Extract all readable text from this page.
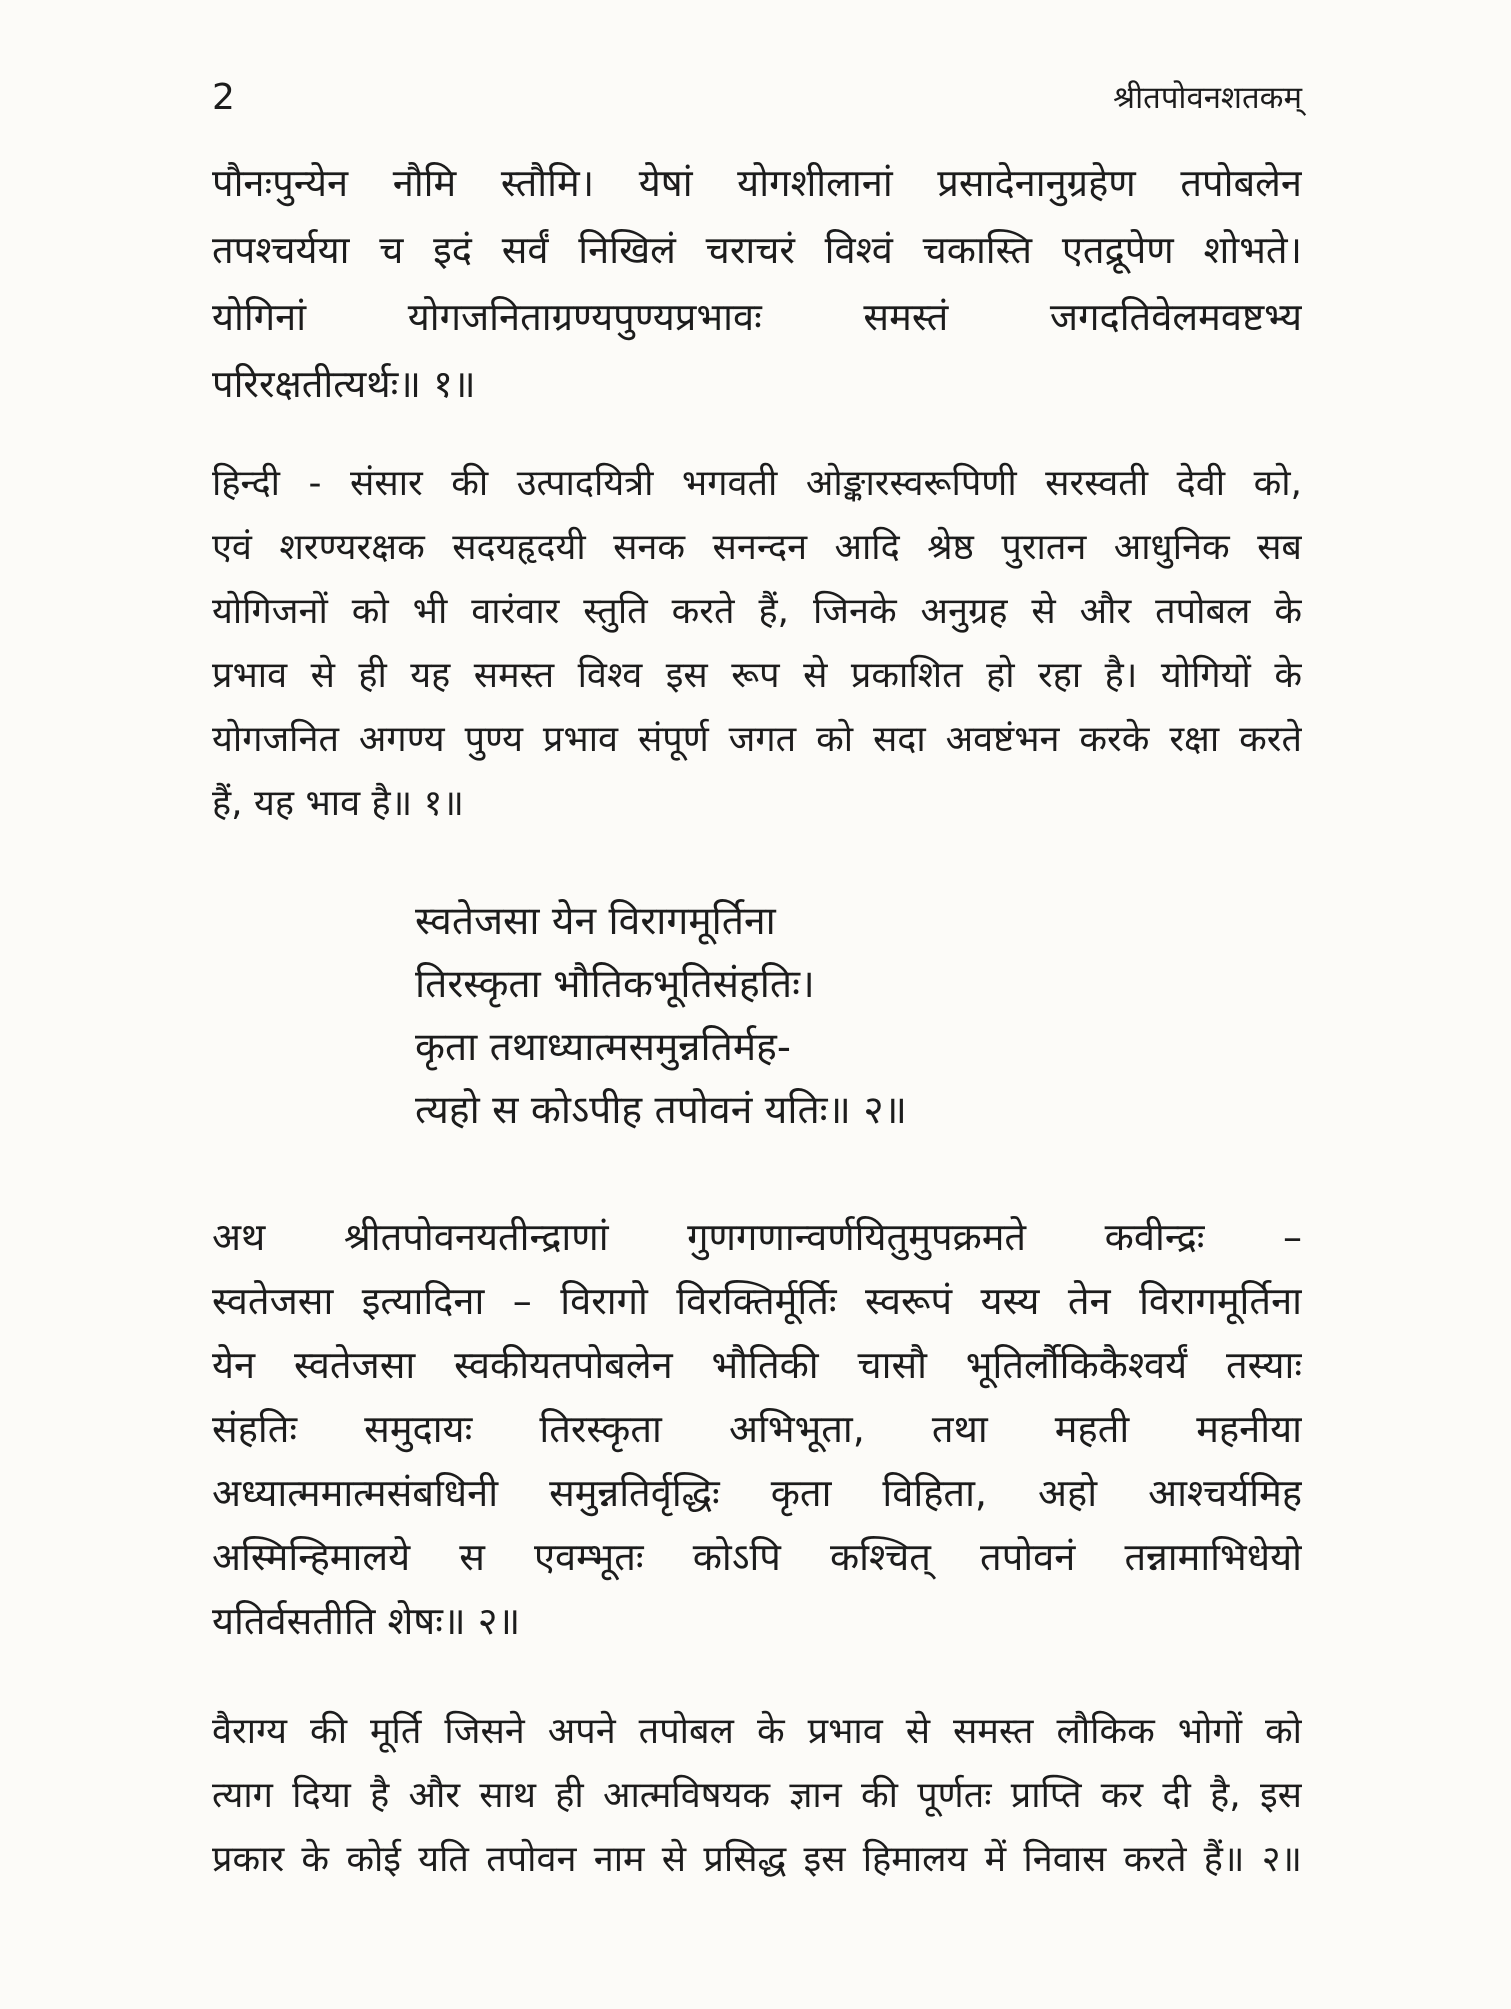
2	श्रीतपोवनशतकम्
पौनःपुन्येन नौमि स्तौमि। येषां योगशीलानां प्रसादेनानुग्रहेण तपोबलेन
तपश्चर्यया च इदं सर्वं निखिलं चराचरं विश्वं चकास्ति एतद्रूपेण शोभते।
योगिनां योगजनिताग्रण्यपुण्यप्रभावः समस्तं जगदतिवेलमवष्टभ्य
परिरक्षतीत्यर्थः॥ १॥
हिन्दी - संसार की उत्पादयित्री भगवती ओङ्कारस्वरूपिणी सरस्वती देवी को,
एवं शरण्यरक्षक सदयहृदयी सनक सनन्दन आदि श्रेष्ठ पुरातन आधुनिक सब
योगिजनों को भी वारंवार स्तुति करते हैं, जिनके अनुग्रह से और तपोबल के
प्रभाव से ही यह समस्त विश्व इस रूप से प्रकाशित हो रहा है। योगियों के
योगजनित अगण्य पुण्य प्रभाव संपूर्ण जगत को सदा अवष्टंभन करके रक्षा करते
हैं, यह भाव है॥ १॥
स्वतेजसा येन विरागमूर्तिना
तिरस्कृता भौतिकभूतिसंहतिः।
कृता तथाध्यात्मसमुन्नतिर्मह-
त्यहो स कोऽपीह तपोवनं यतिः॥ २॥
अथ श्रीतपोवनयतीन्द्राणां गुणगणान्वर्णयितुमुपक्रमते कवीन्द्रः –
स्वतेजसा इत्यादिना – विरागो विरक्तिर्मूर्तिः स्वरूपं यस्य तेन विरागमूर्तिना
येन स्वतेजसा स्वकीयतपोबलेन भौतिकी चासौ भूतिर्लौकिकैश्वर्यं तस्याः
संहतिः समुदायः तिरस्कृता अभिभूता, तथा महती महनीया
अध्यात्ममात्मसंबधिनी समुन्नतिर्वृद्धिः कृता विहिता, अहो आश्चर्यमिह
अस्मिन्हिमालये स एवम्भूतः कोऽपि कश्चित् तपोवनं तन्नामाभिधेयो
यतिर्वसतीति शेषः॥ २॥
वैराग्य की मूर्ति जिसने अपने तपोबल के प्रभाव से समस्त लौकिक भोगों को
त्याग दिया है और साथ ही आत्मविषयक ज्ञान की पूर्णतः प्राप्ति कर दी है, इस
प्रकार के कोई यति तपोवन नाम से प्रसिद्ध इस हिमालय में निवास करते हैं॥ २॥
